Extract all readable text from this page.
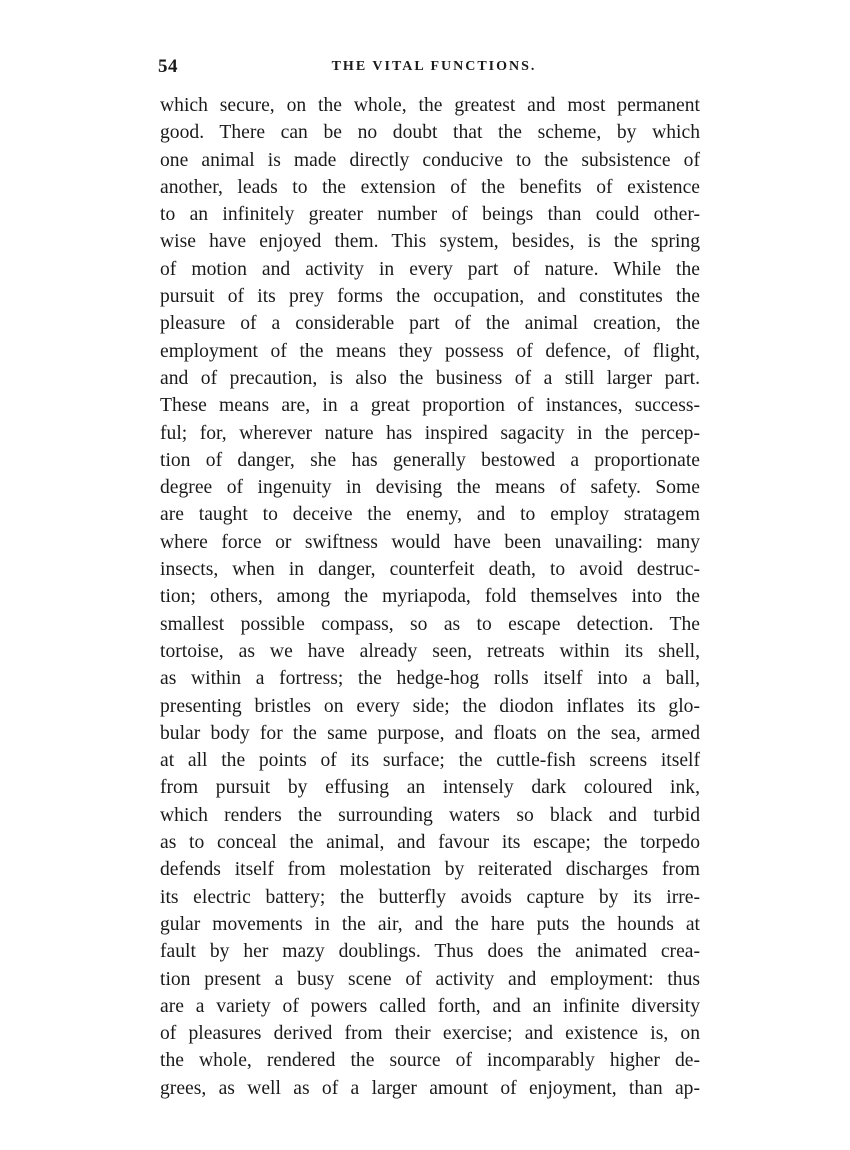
54	THE VITAL FUNCTIONS.
which secure, on the whole, the greatest and most permanent
good. There can be no doubt that the scheme, by which
one animal is made directly conducive to the subsistence of
another, leads to the extension of the benefits of existence
to an infinitely greater number of beings than could other-
wise have enjoyed them. This system, besides, is the spring
of motion and activity in every part of nature. While the
pursuit of its prey forms the occupation, and constitutes the
pleasure of a considerable part of the animal creation, the
employment of the means they possess of defence, of flight,
and of precaution, is also the business of a still larger part.
These means are, in a great proportion of instances, success-
ful; for, wherever nature has inspired sagacity in the percep-
tion of danger, she has generally bestowed a proportionate
degree of ingenuity in devising the means of safety. Some
are taught to deceive the enemy, and to employ stratagem
where force or swiftness would have been unavailing: many
insects, when in danger, counterfeit death, to avoid destruc-
tion; others, among the myriapoda, fold themselves into the
smallest possible compass, so as to escape detection. The
tortoise, as we have already seen, retreats within its shell,
as within a fortress; the hedge-hog rolls itself into a ball,
presenting bristles on every side; the diodon inflates its glo-
bular body for the same purpose, and floats on the sea, armed
at all the points of its surface; the cuttle-fish screens itself
from pursuit by effusing an intensely dark coloured ink,
which renders the surrounding waters so black and turbid
as to conceal the animal, and favour its escape; the torpedo
defends itself from molestation by reiterated discharges from
its electric battery; the butterfly avoids capture by its irre-
gular movements in the air, and the hare puts the hounds at
fault by her mazy doublings. Thus does the animated crea-
tion present a busy scene of activity and employment: thus
are a variety of powers called forth, and an infinite diversity
of pleasures derived from their exercise; and existence is, on
the whole, rendered the source of incomparably higher de-
grees, as well as of a larger amount of enjoyment, than ap-
